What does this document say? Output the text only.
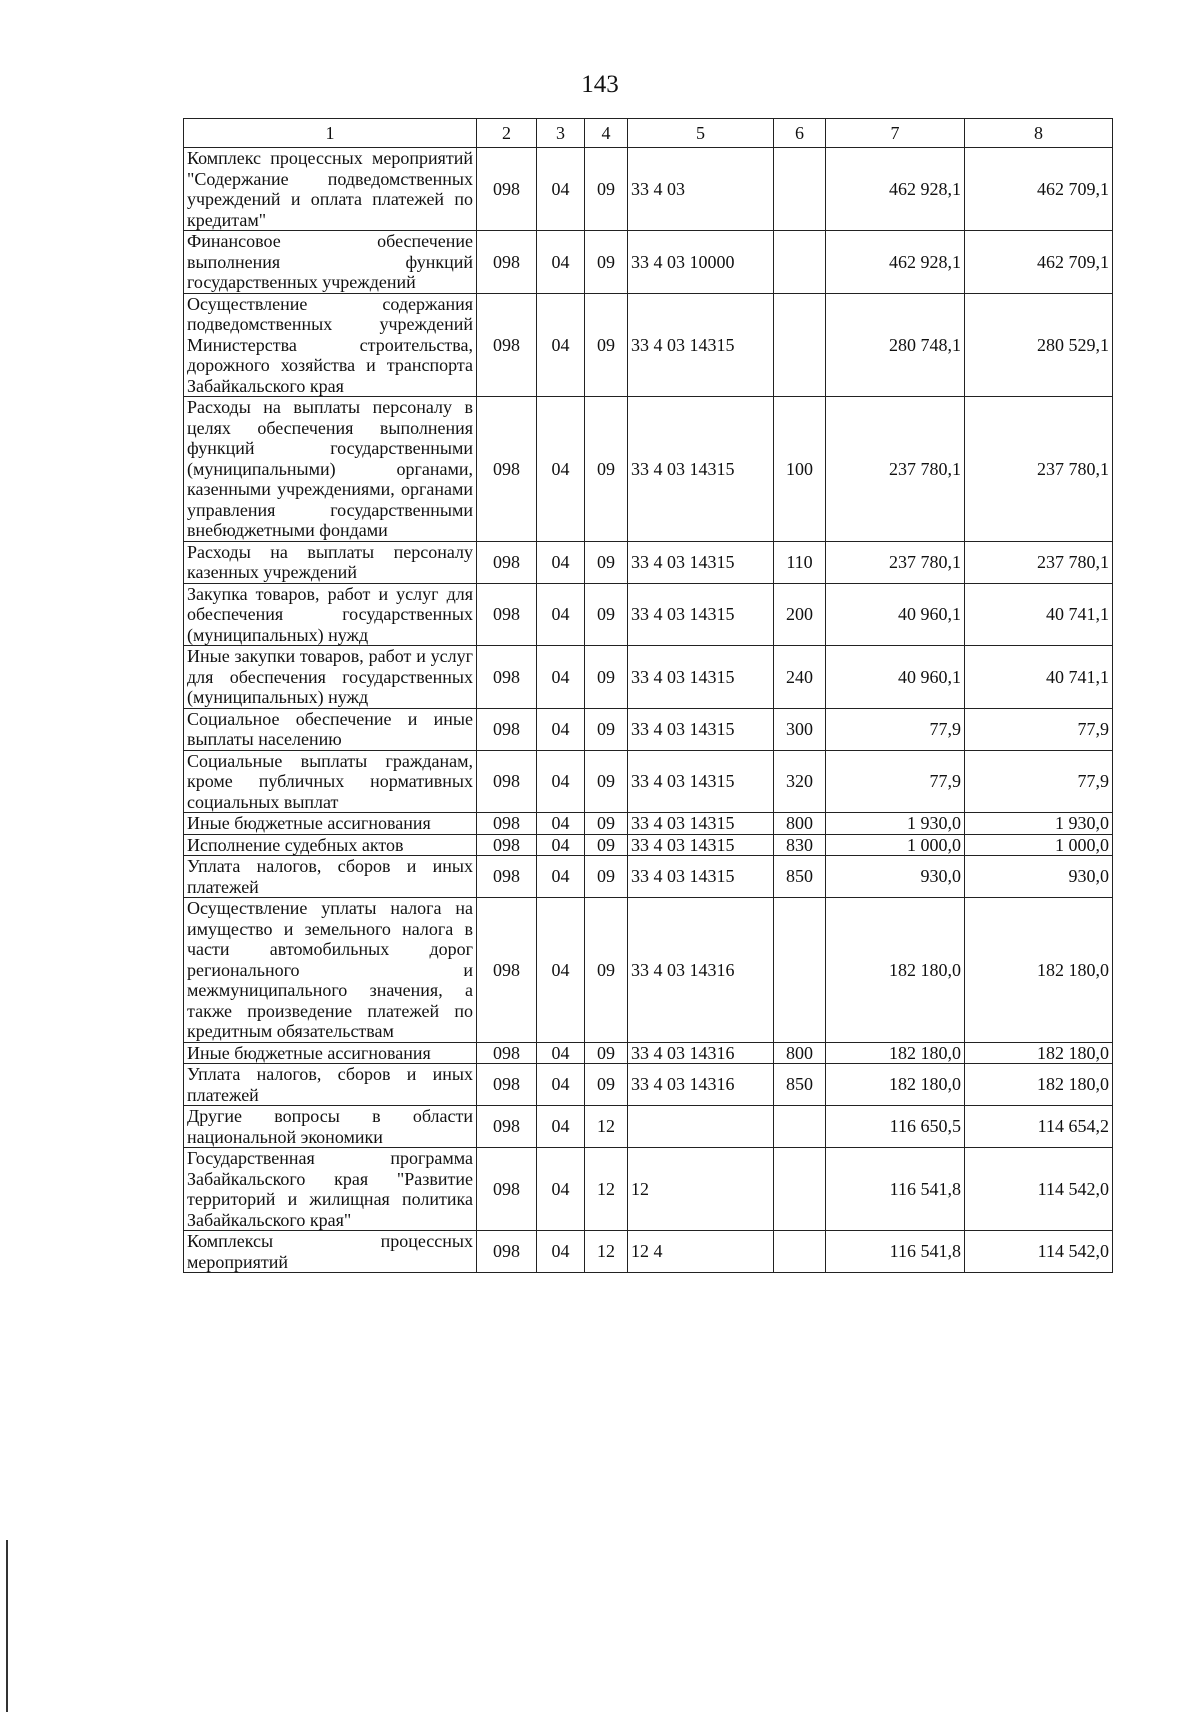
143
1	2	3	4	5	6	7	8
Комплекс процессных мероприятий "Содержание подведомственных учреждений и оплата платежей по кредитам"	098	04	09	33 4 03		462 928,1	462 709,1
Финансовое обеспечение выполнения функций государственных учреждений	098	04	09	33 4 03 10000		462 928,1	462 709,1
Осуществление содержания подведомственных учреждений Министерства строительства, дорожного хозяйства и транспорта Забайкальского края	098	04	09	33 4 03 14315		280 748,1	280 529,1
Расходы на выплаты персоналу в целях обеспечения выполнения функций государственными (муниципальными) органами, казенными учреждениями, органами управления государственными внебюджетными фондами	098	04	09	33 4 03 14315	100	237 780,1	237 780,1
Расходы на выплаты персоналу казенных учреждений	098	04	09	33 4 03 14315	110	237 780,1	237 780,1
Закупка товаров, работ и услуг для обеспечения государственных (муниципальных) нужд	098	04	09	33 4 03 14315	200	40 960,1	40 741,1
Иные закупки товаров, работ и услуг для обеспечения государственных (муниципальных) нужд	098	04	09	33 4 03 14315	240	40 960,1	40 741,1
Социальное обеспечение и иные выплаты населению	098	04	09	33 4 03 14315	300	77,9	77,9
Социальные выплаты гражданам, кроме публичных нормативных социальных выплат	098	04	09	33 4 03 14315	320	77,9	77,9
Иные бюджетные ассигнования	098	04	09	33 4 03 14315	800	1 930,0	1 930,0
Исполнение судебных актов	098	04	09	33 4 03 14315	830	1 000,0	1 000,0
Уплата налогов, сборов и иных платежей	098	04	09	33 4 03 14315	850	930,0	930,0
Осуществление уплаты налога на имущество и земельного налога в части автомобильных дорог регионального и межмуниципального значения, а также произведение платежей по кредитным обязательствам	098	04	09	33 4 03 14316		182 180,0	182 180,0
Иные бюджетные ассигнования	098	04	09	33 4 03 14316	800	182 180,0	182 180,0
Уплата налогов, сборов и иных платежей	098	04	09	33 4 03 14316	850	182 180,0	182 180,0
Другие вопросы в области национальной экономики	098	04	12			116 650,5	114 654,2
Государственная программа Забайкальского края "Развитие территорий и жилищная политика Забайкальского края"	098	04	12	12		116 541,8	114 542,0
Комплексы процессных мероприятий	098	04	12	12 4		116 541,8	114 542,0
